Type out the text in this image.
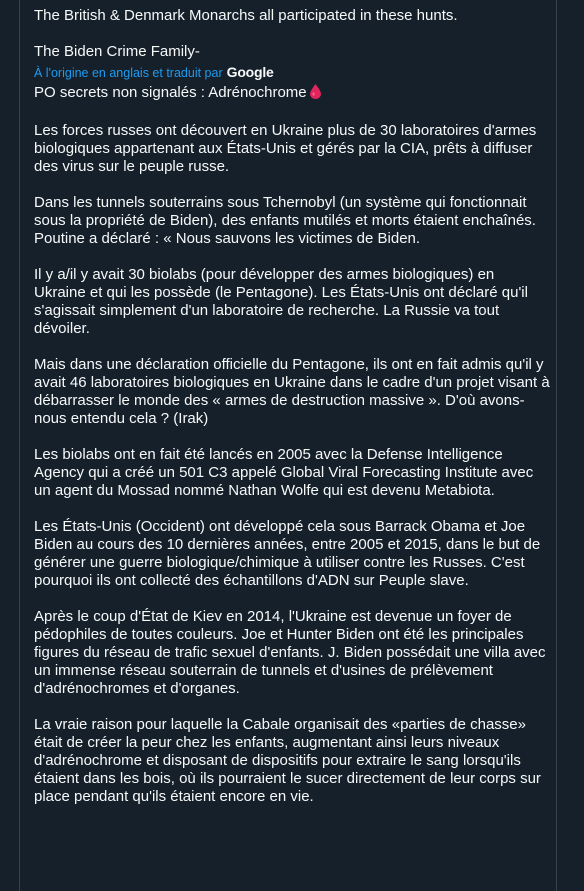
The British & Denmark Monarchs all participated in these hunts.

The Biden Crime Family-

À l'origine en anglais et traduit par Google

PO secrets non signalés : Adrénochrome

Les forces russes ont découvert en Ukraine plus de 30 laboratoires d'armes biologiques appartenant aux États-Unis et gérés par la CIA, prêts à diffuser des virus sur le peuple russe.

Dans les tunnels souterrains sous Tchernobyl (un système qui fonctionnait sous la propriété de Biden), des enfants mutilés et morts étaient enchaînés. Poutine a déclaré : « Nous sauvons les victimes de Biden.

Il y a/il y avait 30 biolabs (pour développer des armes biologiques) en Ukraine et qui les possède (le Pentagone). Les États-Unis ont déclaré qu'il s'agissait simplement d'un laboratoire de recherche. La Russie va tout dévoiler.

Mais dans une déclaration officielle du Pentagone, ils ont en fait admis qu'il y avait 46 laboratoires biologiques en Ukraine dans le cadre d'un projet visant à débarrasser le monde des « armes de destruction massive ». D'où avons-nous entendu cela ? (Irak)

Les biolabs ont en fait été lancés en 2005 avec la Defense Intelligence Agency qui a créé un 501 C3 appelé Global Viral Forecasting Institute avec un agent du Mossad nommé Nathan Wolfe qui est devenu Metabiota.

Les États-Unis (Occident) ont développé cela sous Barrack Obama et Joe Biden au cours des 10 dernières années, entre 2005 et 2015, dans le but de générer une guerre biologique/chimique à utiliser contre les Russes. C'est pourquoi ils ont collecté des échantillons d'ADN sur Peuple slave.

Après le coup d'État de Kiev en 2014, l'Ukraine est devenue un foyer de pédophiles de toutes couleurs. Joe et Hunter Biden ont été les principales figures du réseau de trafic sexuel d'enfants. J. Biden possédait une villa avec un immense réseau souterrain de tunnels et d'usines de prélèvement d'adrénochromes et d'organes.

La vraie raison pour laquelle la Cabale organisait des «parties de chasse» était de créer la peur chez les enfants, augmentant ainsi leurs niveaux d'adrénochrome et disposant de dispositifs pour extraire le sang lorsqu'ils étaient dans les bois, où ils pourraient le sucer directement de leur corps sur place pendant qu'ils étaient encore en vie.
